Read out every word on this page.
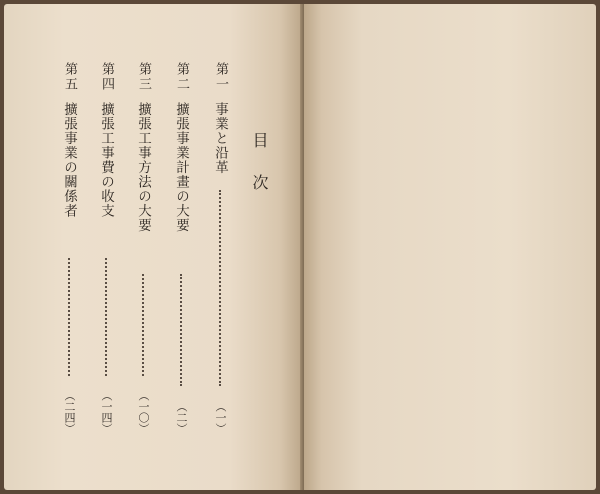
目次
第一
事業と沿革
（一）
第二
擴張事業計畫の大要
（二）
第三
擴張工事方法の大要
（一〇）
第四
擴張工事費の收支
（一四）
第五
擴張事業の關係者
（二四）
